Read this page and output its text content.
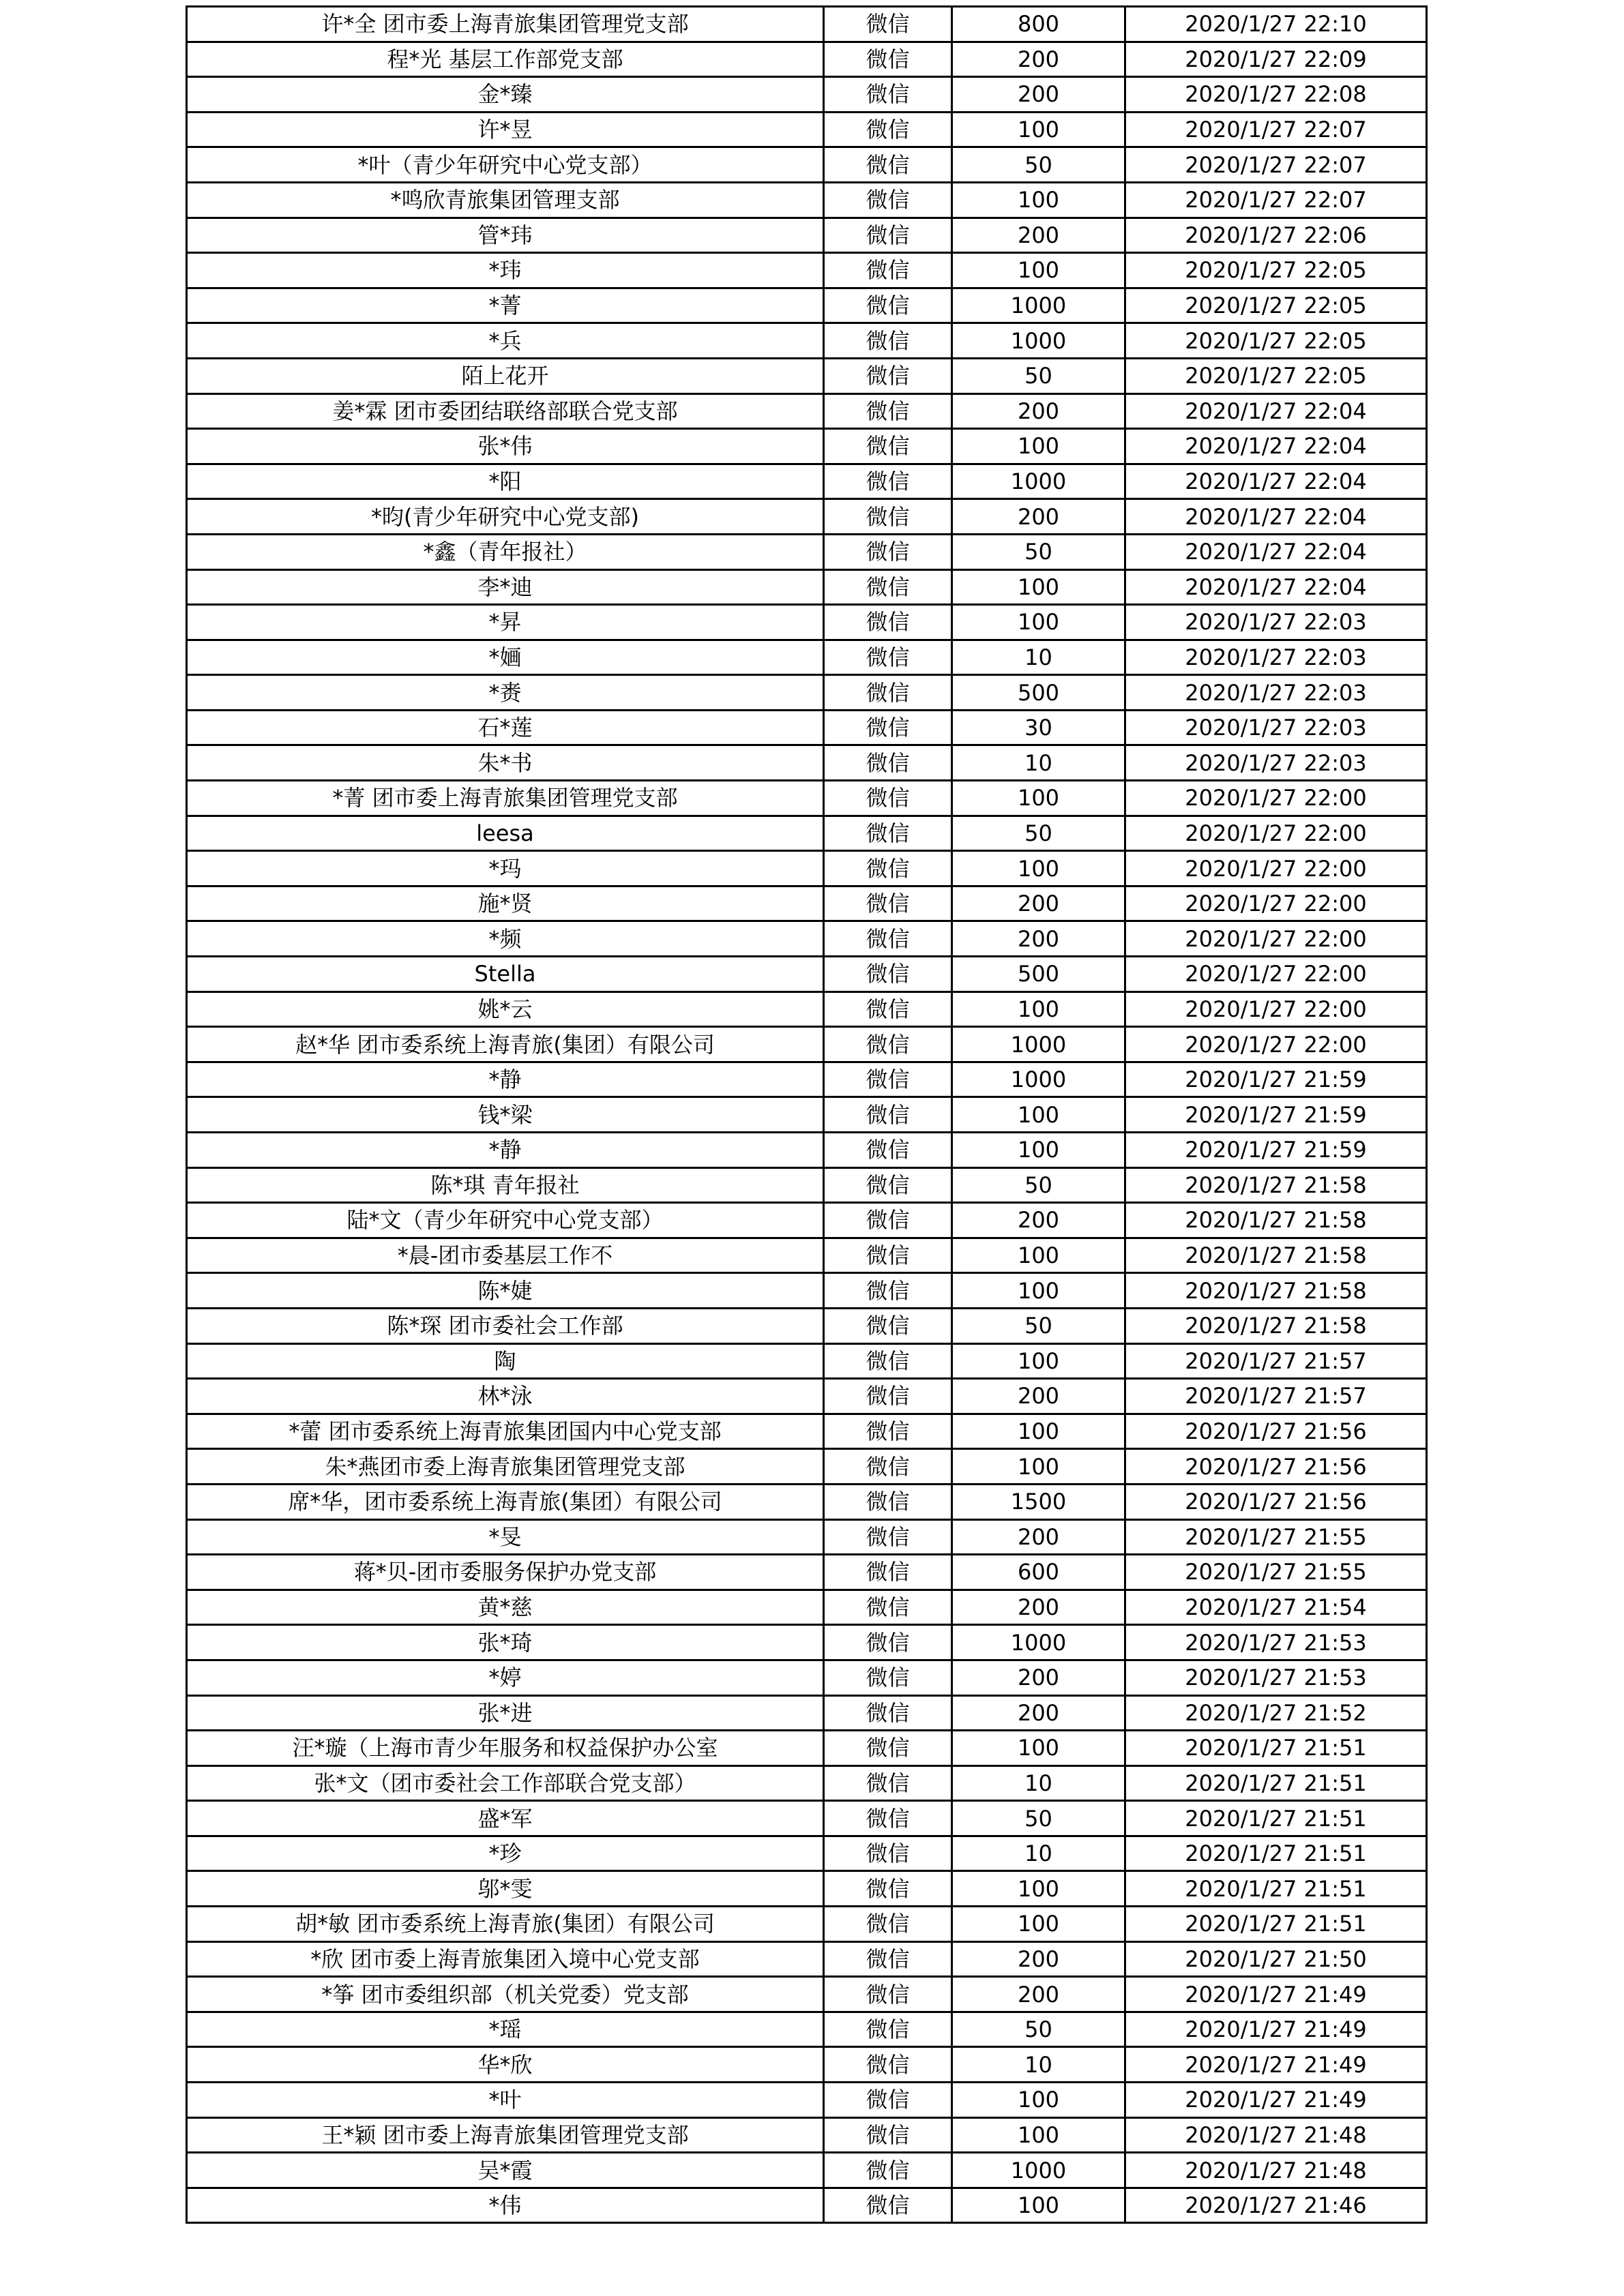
许*全 团市委上海青旅集团管理党支部	微信	800	2020/1/27 22:10
程*光 基层工作部党支部	微信	200	2020/1/27 22:09
金*臻	微信	200	2020/1/27 22:08
许*昱	微信	100	2020/1/27 22:07
*叶（青少年研究中心党支部）	微信	50	2020/1/27 22:07
*鸣欣青旅集团管理支部	微信	100	2020/1/27 22:07
管*玮	微信	200	2020/1/27 22:06
*玮	微信	100	2020/1/27 22:05
*菁	微信	1000	2020/1/27 22:05
*兵	微信	1000	2020/1/27 22:05
陌上花开	微信	50	2020/1/27 22:05
姜*霖 团市委团结联络部联合党支部	微信	200	2020/1/27 22:04
张*伟	微信	100	2020/1/27 22:04
*阳	微信	1000	2020/1/27 22:04
*昀(青少年研究中心党支部)	微信	200	2020/1/27 22:04
*鑫（青年报社）	微信	50	2020/1/27 22:04
李*迪	微信	100	2020/1/27 22:04
*昇	微信	100	2020/1/27 22:03
*婳	微信	10	2020/1/27 22:03
*赉	微信	500	2020/1/27 22:03
石*莲	微信	30	2020/1/27 22:03
朱*书	微信	10	2020/1/27 22:03
*菁 团市委上海青旅集团管理党支部	微信	100	2020/1/27 22:00
leesa	微信	50	2020/1/27 22:00
*玛	微信	100	2020/1/27 22:00
施*贤	微信	200	2020/1/27 22:00
*频	微信	200	2020/1/27 22:00
Stella	微信	500	2020/1/27 22:00
姚*云	微信	100	2020/1/27 22:00
赵*华 团市委系统上海青旅(集团）有限公司	微信	1000	2020/1/27 22:00
*静	微信	1000	2020/1/27 21:59
钱*梁	微信	100	2020/1/27 21:59
*静	微信	100	2020/1/27 21:59
陈*琪 青年报社	微信	50	2020/1/27 21:58
陆*文（青少年研究中心党支部）	微信	200	2020/1/27 21:58
*晨-团市委基层工作不	微信	100	2020/1/27 21:58
陈*婕	微信	100	2020/1/27 21:58
陈*琛 团市委社会工作部	微信	50	2020/1/27 21:58
陶	微信	100	2020/1/27 21:57
林*泳	微信	200	2020/1/27 21:57
*蕾 团市委系统上海青旅集团国内中心党支部	微信	100	2020/1/27 21:56
朱*燕团市委上海青旅集团管理党支部	微信	100	2020/1/27 21:56
席*华，团市委系统上海青旅(集团）有限公司	微信	1500	2020/1/27 21:56
*旻	微信	200	2020/1/27 21:55
蒋*贝-团市委服务保护办党支部	微信	600	2020/1/27 21:55
黄*慈	微信	200	2020/1/27 21:54
张*琦	微信	1000	2020/1/27 21:53
*婷	微信	200	2020/1/27 21:53
张*进	微信	200	2020/1/27 21:52
汪*璇（上海市青少年服务和权益保护办公室	微信	100	2020/1/27 21:51
张*文（团市委社会工作部联合党支部）	微信	10	2020/1/27 21:51
盛*军	微信	50	2020/1/27 21:51
*珍	微信	10	2020/1/27 21:51
邬*雯	微信	100	2020/1/27 21:51
胡*敏 团市委系统上海青旅(集团）有限公司	微信	100	2020/1/27 21:51
*欣 团市委上海青旅集团入境中心党支部	微信	200	2020/1/27 21:50
*筝 团市委组织部（机关党委）党支部	微信	200	2020/1/27 21:49
*瑶	微信	50	2020/1/27 21:49
华*欣	微信	10	2020/1/27 21:49
*叶	微信	100	2020/1/27 21:49
王*颖 团市委上海青旅集团管理党支部	微信	100	2020/1/27 21:48
吴*霞	微信	1000	2020/1/27 21:48
*伟	微信	100	2020/1/27 21:46
